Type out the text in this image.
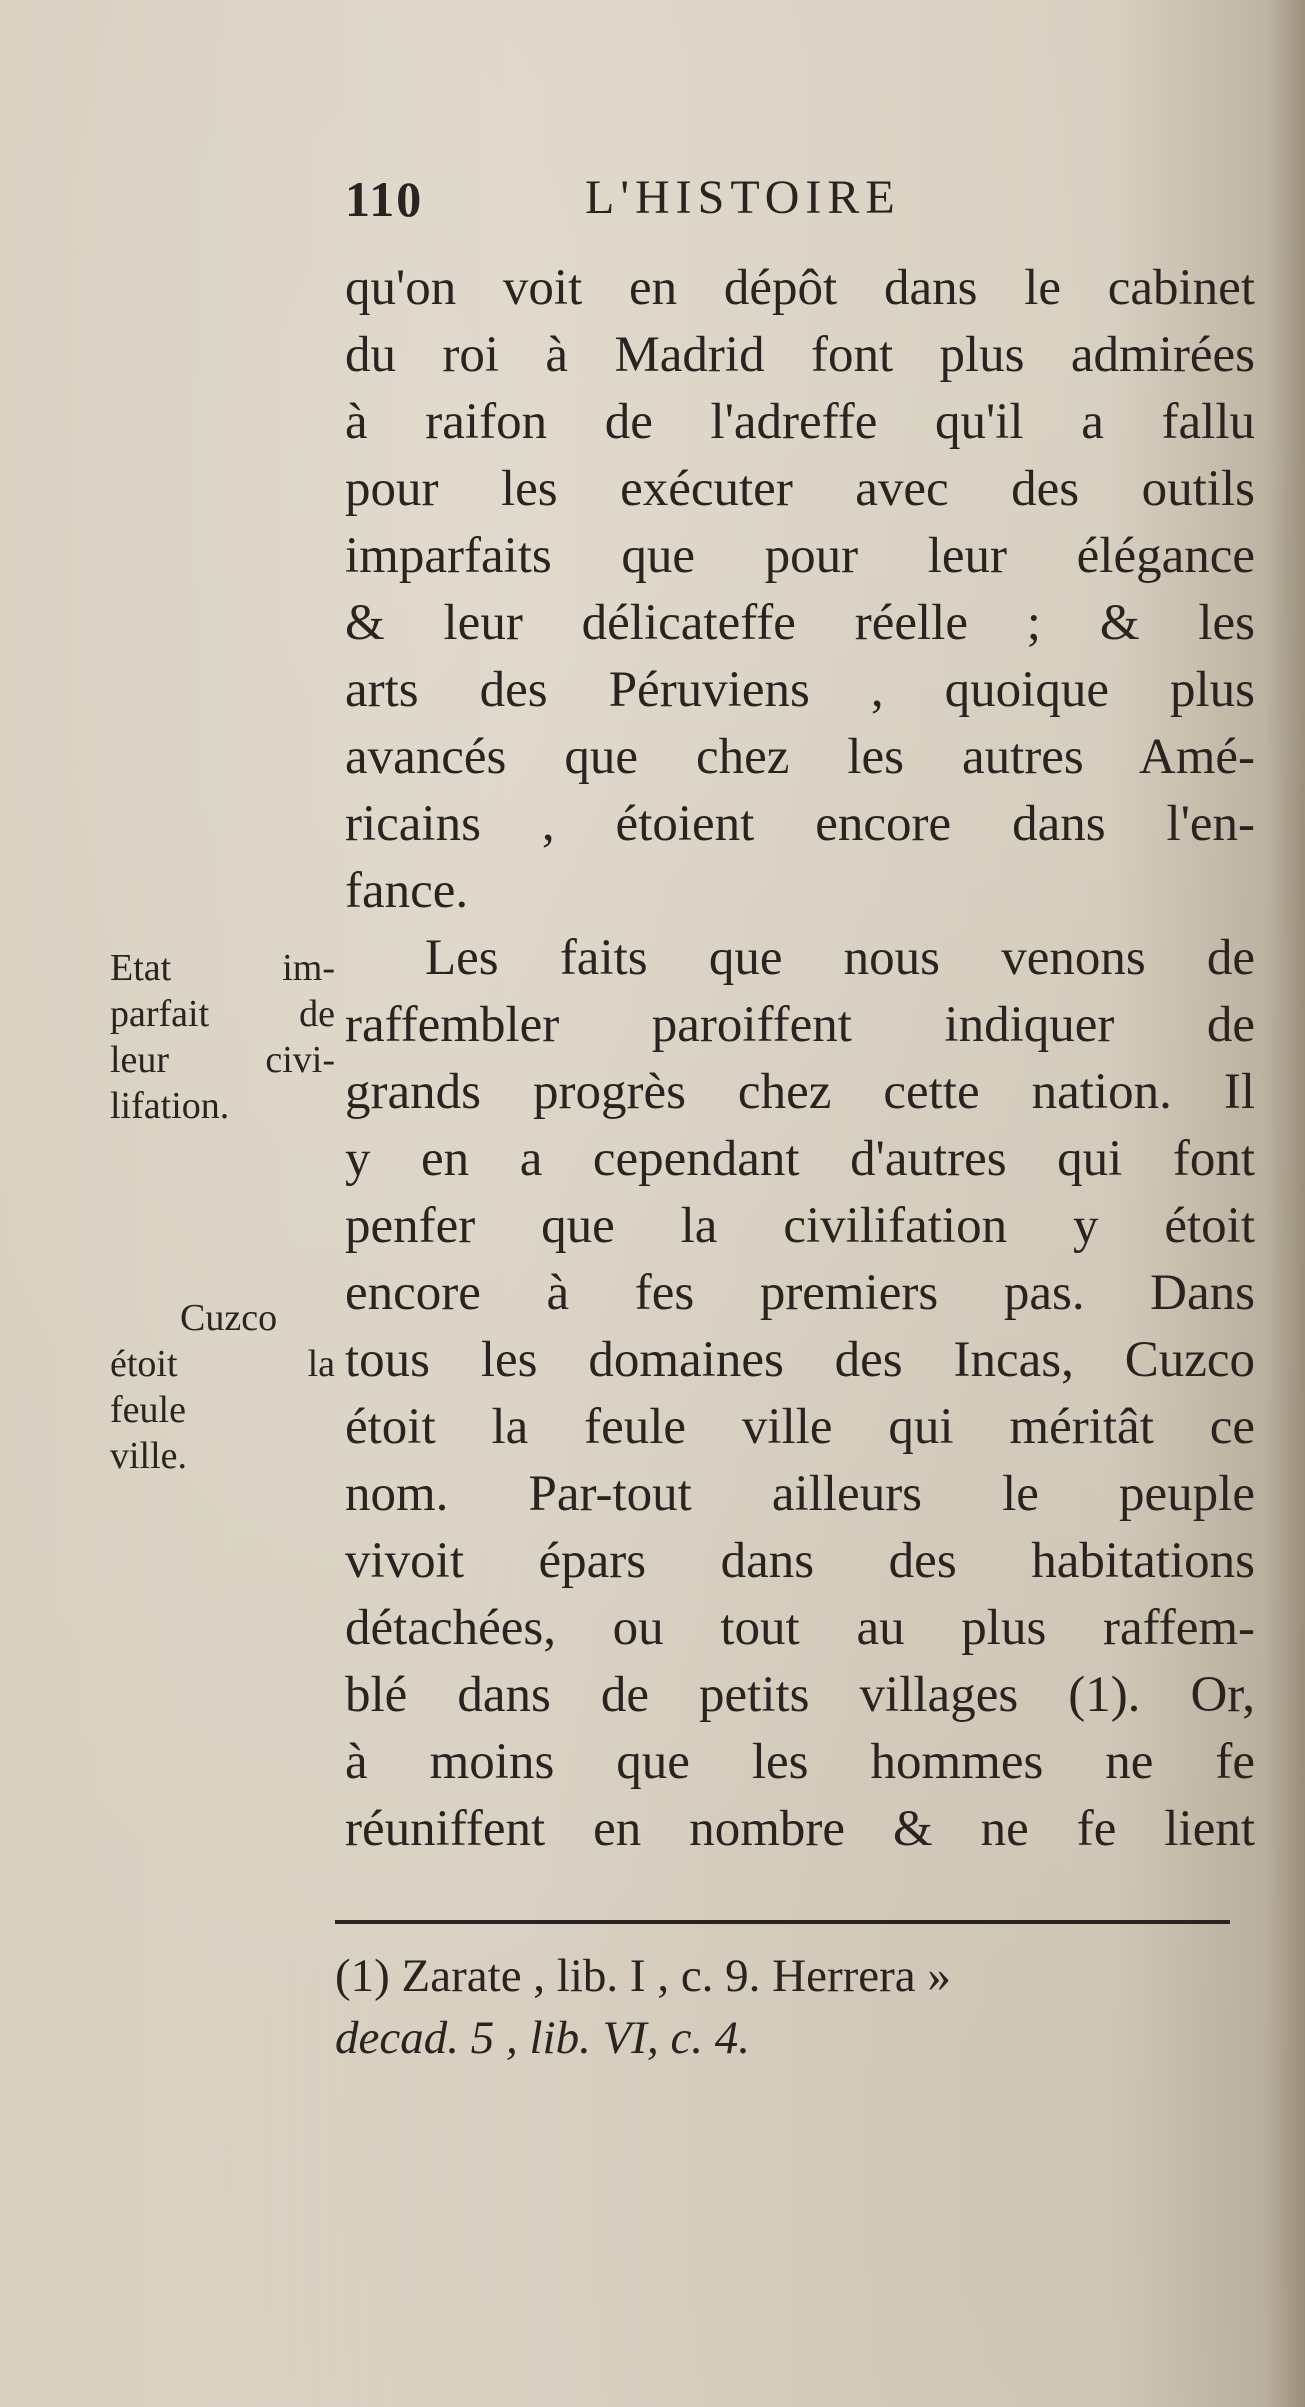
110	L'HISTOIRE
qu'on voit en dépôt dans le cabinet
du roi à Madrid font plus admirées
à raifon de l'adreffe qu'il a fallu
pour les exécuter avec des outils
imparfaits que pour leur élégance
& leur délicateffe réelle ; & les
arts des Péruviens , quoique plus
avancés que chez les autres Amé-
ricains , étoient encore dans l'en-
fance.
Les faits que nous venons de
raffembler paroiffent indiquer de
grands progrès chez cette nation. Il
y en a cependant d'autres qui font
penfer que la civilifation y étoit
encore à fes premiers pas. Dans
tous les domaines des Incas, Cuzco
étoit la feule ville qui méritât ce
nom. Par-tout ailleurs le peuple
vivoit épars dans des habitations
détachées, ou tout au plus raffem-
blé dans de petits villages (1). Or,
à moins que les hommes ne fe
réuniffent en nombre & ne fe lient
Etat im-
parfait de
leur civi-
lifation.
Cuzco
étoit la
feule
ville.
(1) Zarate , lib. I , c. 9. Herrera »
decad. 5 , lib. VI, c. 4.
